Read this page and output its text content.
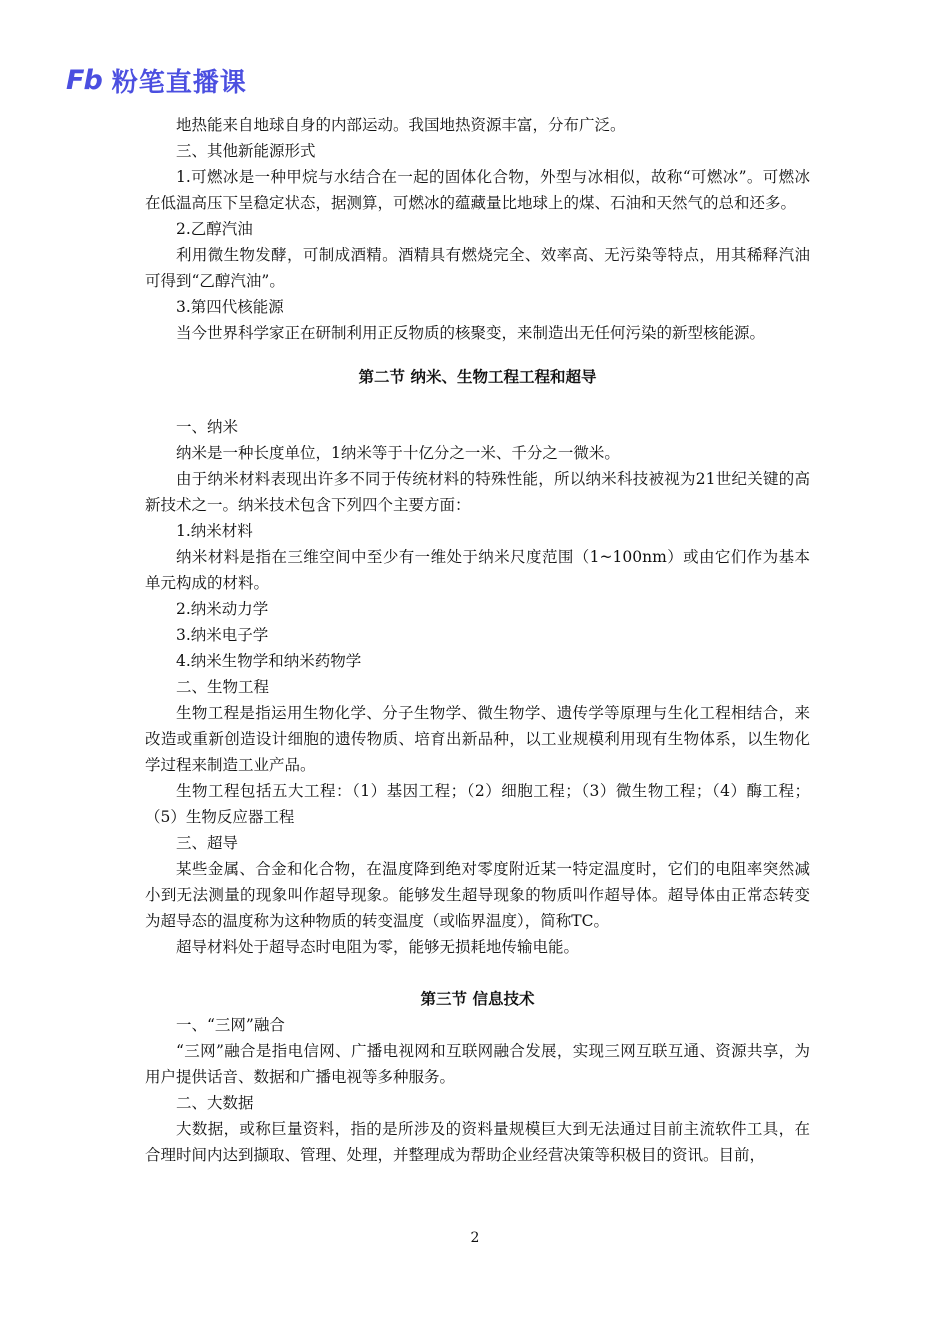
Fb 粉笔直播课

地热能来自地球自身的内部运动。我国地热资源丰富，分布广泛。

三、其他新能源形式

1.可燃冰是一种甲烷与水结合在一起的固体化合物，外型与冰相似，故称“可燃冰”。可燃冰在低温高压下呈稳定状态，据测算，可燃冰的蕴藏量比地球上的煤、石油和天然气的总和还多。

2.乙醇汽油

利用微生物发酵，可制成酒精。酒精具有燃烧完全、效率高、无污染等特点，用其稀释汽油可得到“乙醇汽油”。

3.第四代核能源

当今世界科学家正在研制利用正反物质的核聚变，来制造出无任何污染的新型核能源。

第二节 纳米、生物工程工程和超导

一、纳米

纳米是一种长度单位，1纳米等于十亿分之一米、千分之一微米。

由于纳米材料表现出许多不同于传统材料的特殊性能，所以纳米科技被视为21世纪关键的高新技术之一。纳米技术包含下列四个主要方面：

1.纳米材料

纳米材料是指在三维空间中至少有一维处于纳米尺度范围（1~100nm）或由它们作为基本单元构成的材料。

2.纳米动力学

3.纳米电子学

4.纳米生物学和纳米药物学

二、生物工程

生物工程是指运用生物化学、分子生物学、微生物学、遗传学等原理与生化工程相结合，来改造或重新创造设计细胞的遗传物质、培育出新品种，以工业规模利用现有生物体系，以生物化学过程来制造工业产品。

生物工程包括五大工程：（1）基因工程；（2）细胞工程；（3）微生物工程；（4）酶工程；（5）生物反应器工程

三、超导

某些金属、合金和化合物，在温度降到绝对零度附近某一特定温度时，它们的电阻率突然减小到无法测量的现象叫作超导现象。能够发生超导现象的物质叫作超导体。超导体由正常态转变为超导态的温度称为这种物质的转变温度（或临界温度），简称TC。

超导材料处于超导态时电阻为零，能够无损耗地传输电能。

第三节 信息技术

一、“三网”融合

“三网”融合是指电信网、广播电视网和互联网融合发展，实现三网互联互通、资源共享，为用户提供话音、数据和广播电视等多种服务。

二、大数据

大数据，或称巨量资料，指的是所涉及的资料量规模巨大到无法通过目前主流软件工具，在合理时间内达到撷取、管理、处理，并整理成为帮助企业经营决策等积极目的资讯。目前，

2
